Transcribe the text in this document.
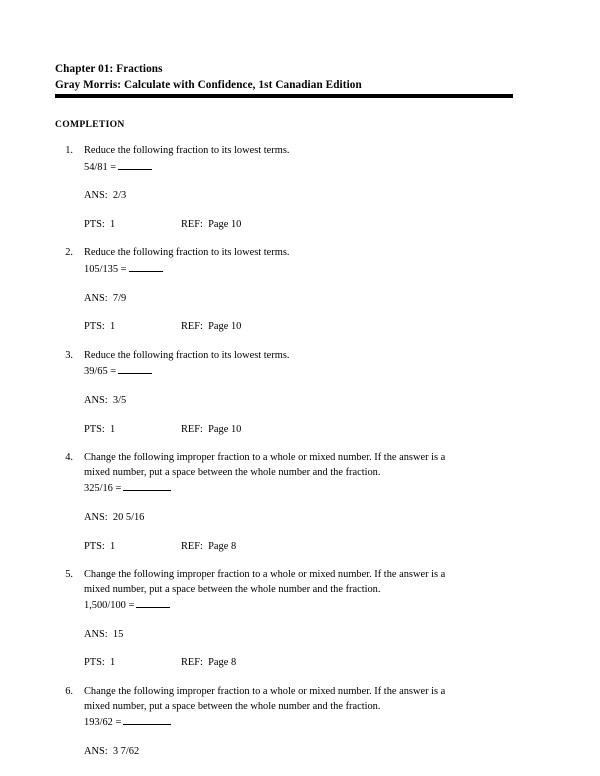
Chapter 01: Fractions
Gray Morris: Calculate with Confidence, 1st Canadian Edition
COMPLETION
1. Reduce the following fraction to its lowest terms.
54/81 =
ANS: 2/3
PTS: 1	REF: Page 10
2. Reduce the following fraction to its lowest terms.
105/135 =
ANS: 7/9
PTS: 1	REF: Page 10
3. Reduce the following fraction to its lowest terms.
39/65 =
ANS: 3/5
PTS: 1	REF: Page 10
4. Change the following improper fraction to a whole or mixed number. If the answer is a
mixed number, put a space between the whole number and the fraction.
325/16 =
ANS: 20 5/16
PTS: 1	REF: Page 8
5. Change the following improper fraction to a whole or mixed number. If the answer is a
mixed number, put a space between the whole number and the fraction.
1,500/100 =
ANS: 15
PTS: 1	REF: Page 8
6. Change the following improper fraction to a whole or mixed number. If the answer is a
mixed number, put a space between the whole number and the fraction.
193/62 =
ANS: 3 7/62
